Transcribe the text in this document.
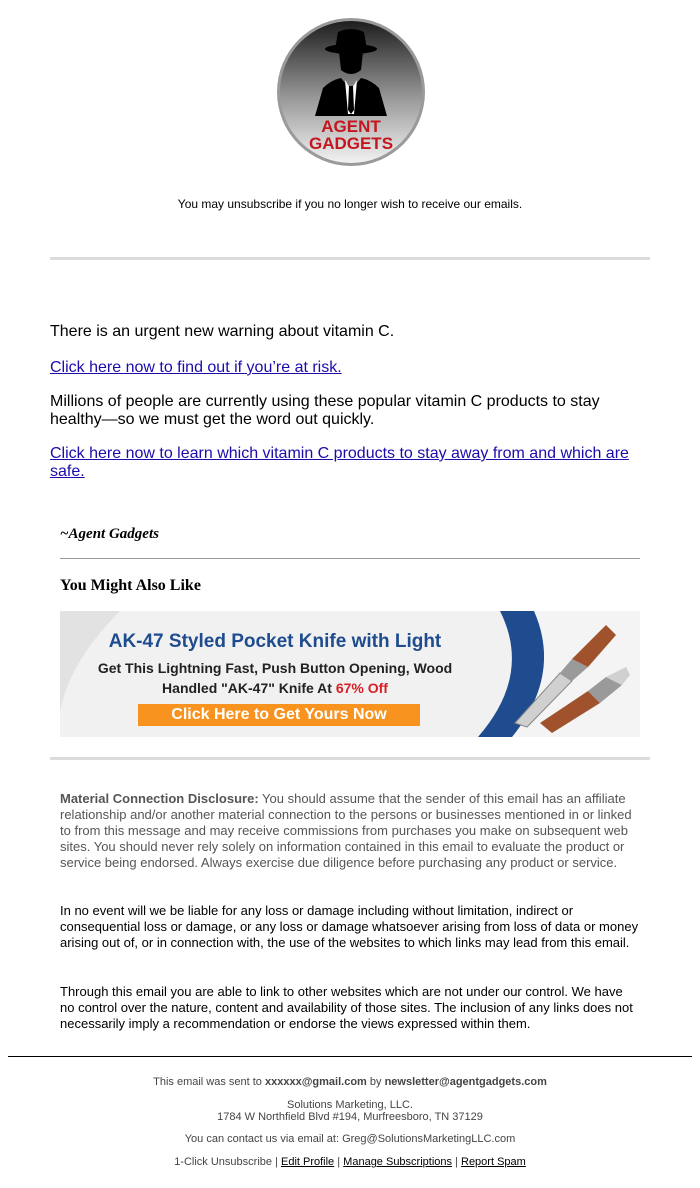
AGENT
GADGETS
You may unsubscribe if you no longer wish to receive our emails.
There is an urgent new warning about vitamin C.
Click here now to find out if you’re at risk.
Millions of people are currently using these popular vitamin C products to stay healthy—so we must get the word out quickly.
Click here now to learn which vitamin C products to stay away from and which are safe.
~Agent Gadgets
You Might Also Like
AK-47 Styled Pocket Knife with Light
Get This Lightning Fast, Push Button Opening, Wood
Handled "AK-47" Knife At 67% Off
Click Here to Get Yours Now
Material Connection Disclosure: You should assume that the sender of this email has an affiliate relationship and/or another material connection to the persons or businesses mentioned in or linked to from this message and may receive commissions from purchases you make on subsequent web sites. You should never rely solely on information contained in this email to evaluate the product or service being endorsed. Always exercise due diligence before purchasing any product or service.
In no event will we be liable for any loss or damage including without limitation, indirect or consequential loss or damage, or any loss or damage whatsoever arising from loss of data or money arising out of, or in connection with, the use of the websites to which links may lead from this email.
Through this email you are able to link to other websites which are not under our control. We have no control over the nature, content and availability of those sites. The inclusion of any links does not necessarily imply a recommendation or endorse the views expressed within them.
This email was sent to xxxxxx@gmail.com by newsletter@agentgadgets.com
Solutions Marketing, LLC.
1784 W Northfield Blvd #194, Murfreesboro, TN 37129
You can contact us via email at: Greg@SolutionsMarketingLLC.com
1-Click Unsubscribe | Edit Profile | Manage Subscriptions | Report Spam
